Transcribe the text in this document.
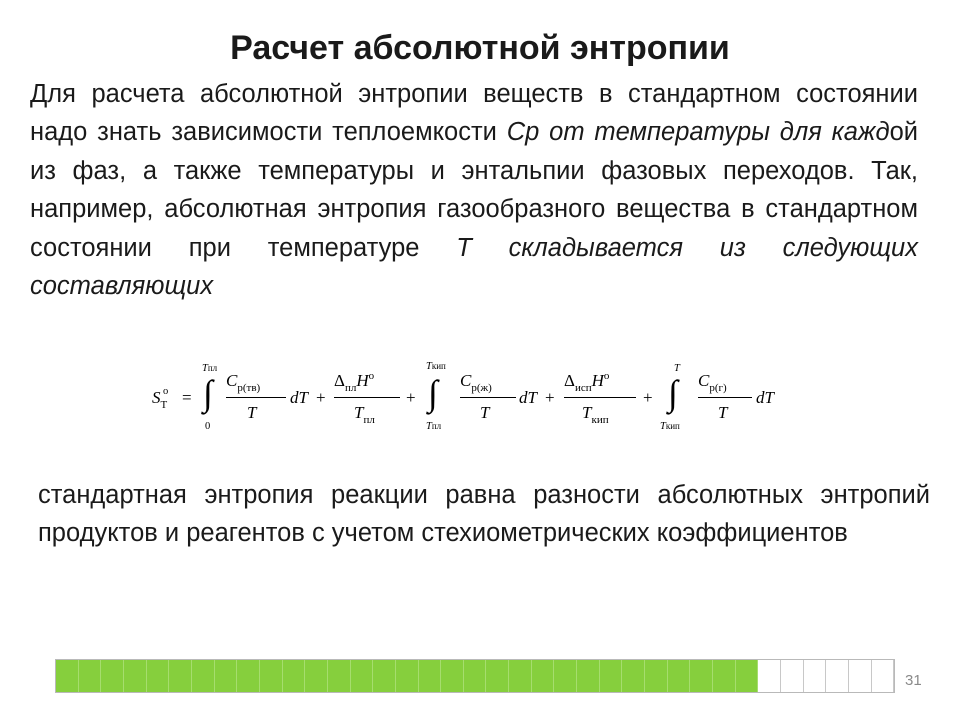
Расчет абсолютной энтропии

Для расчета абсолютной энтропии веществ в стандартном состоянии надо знать зависимости теплоемкости Ср от температуры для каждой из фаз, а также температуры и энтальпии фазовых переходов. Так, например, абсолютная энтропия газообразного вещества в стандартном состоянии при температуре Т складывается из следующих составляющих

$S_T$
o =
Tпл
∫
0
$C_{p(тв)}$
T
dT +
$\Delta_{пл}H^o$
$T_{пл}$
+
Tкип
∫
Tпл
$C_{p(ж)}$
T
dT +
$\Delta_{исп}H^o$
$T_{кип}$
+
T
∫
Tкип
$C_{p(г)}$
T
dT

стандартная энтропия реакции равна разности абсолютных энтропий продуктов и реагентов с учетом стехиометрических коэффициентов

31
